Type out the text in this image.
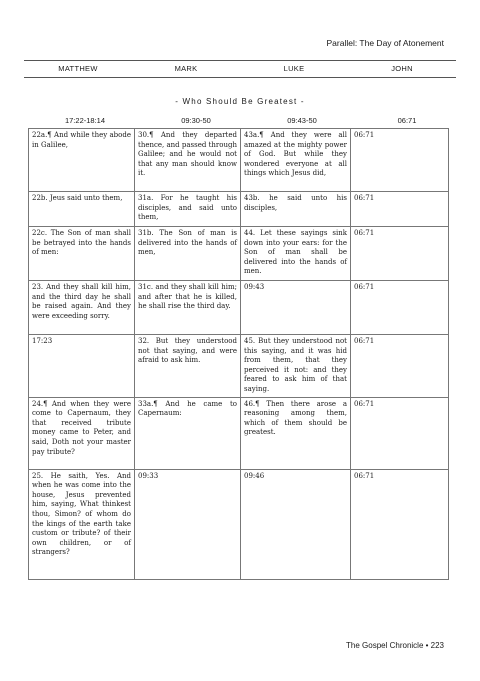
Parallel: The Day of Atonement
MATTHEW	MARK	LUKE	JOHN
- Who Should Be Greatest -
17:22-18:14	09:30-50	09:43-50	06:71
22a.¶ And while they abode in Galilee,	30.¶ And they departed thence, and passed through Galilee; and he would not that any man should know it.	43a.¶ And they were all amazed at the mighty power of God. But while they wondered everyone at all things which Jesus did,	06:71
22b. Jeus said unto them,	31a. For he taught his disciples, and said unto them,	43b. he said unto his disciples,	06:71
22c. The Son of man shall be betrayed into the hands of men:	31b. The Son of man is delivered into the hands of men,	44. Let these sayings sink down into your ears: for the Son of man shall be delivered into the hands of men.	06:71
23. And they shall kill him, and the third day he shall be raised again. And they were exceeding sorry.	31c. and they shall kill him; and after that he is killed, he shall rise the third day.	09:43	06:71
17:23	32. But they understood not that saying, and were afraid to ask him.	45. But they understood not this saying, and it was hid from them, that they perceived it not: and they feared to ask him of that saying.	06:71
24.¶ And when they were come to Capernaum, they that received tribute money came to Peter, and said, Doth not your master pay tribute?	33a.¶ And he came to Capernaum:	46.¶ Then there arose a reasoning among them, which of them should be greatest.	06:71
25. He saith, Yes. And when he was come into the house, Jesus prevented him, saying, What thinkest thou, Simon? of whom do the kings of the earth take custom or tribute? of their own children, or of strangers?	09:33	09:46	06:71
The Gospel Chronicle • 223
